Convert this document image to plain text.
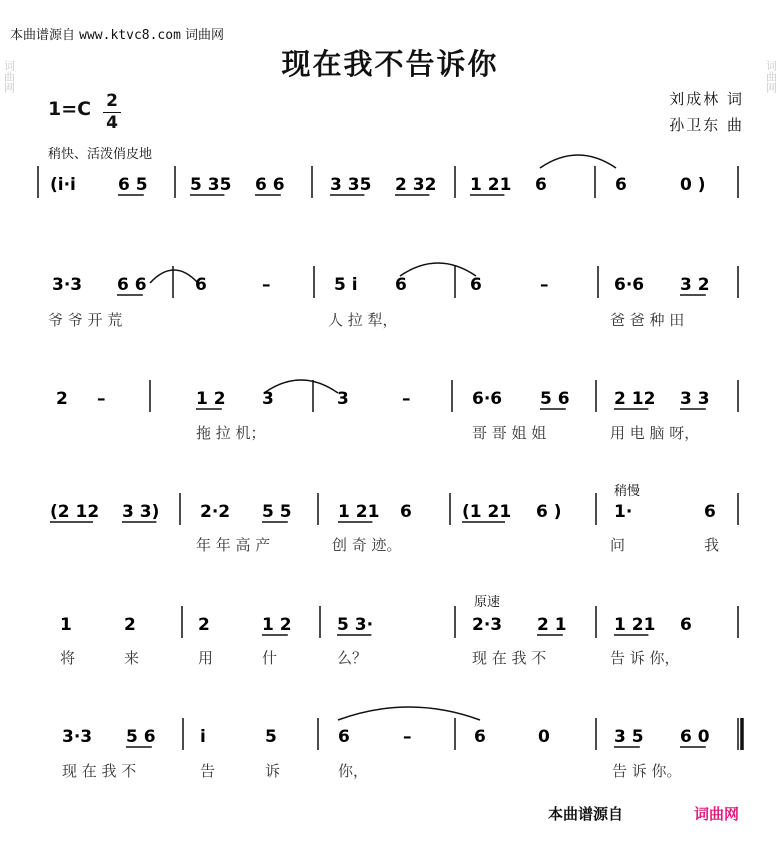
本曲谱源自 www.ktvc8.com 词曲网
词曲网	词曲网
现在我不告诉你
1=C 2
4
刘成林 词
孙卫东 曲
稍快、活泼俏皮地
稍慢
原速
(i·i̇ 6 5 5 35 6 6	3 35 2 32 1 21 6	6	0 )
3·3 6 6	6	–	5 i 6	6	–	6·6 3 2
2 –	1 2 3	3	–	6·6 5 6	2 12 3 3
(2 12 3 3) 2·2 5 5	1 21 6	(1 21 6 )	1·	6
1	2	2	1 2	5 3·	2·3 2 1	1 21 6
3·3 5 6	i	5	6	–	6	0	3 5 6 0
爷 爷 开 荒	人 拉 犁，	爸 爸 种 田
拖 拉 机；	哥 哥 姐 姐	用 电 脑 呀，
年 年 高 产	创 奇 迹。	问	我
将	来	用	什	么？	现 在 我 不	告 诉 你，
现 在 我 不	告	诉	你，	告 诉 你。
本曲谱源自	词曲网
